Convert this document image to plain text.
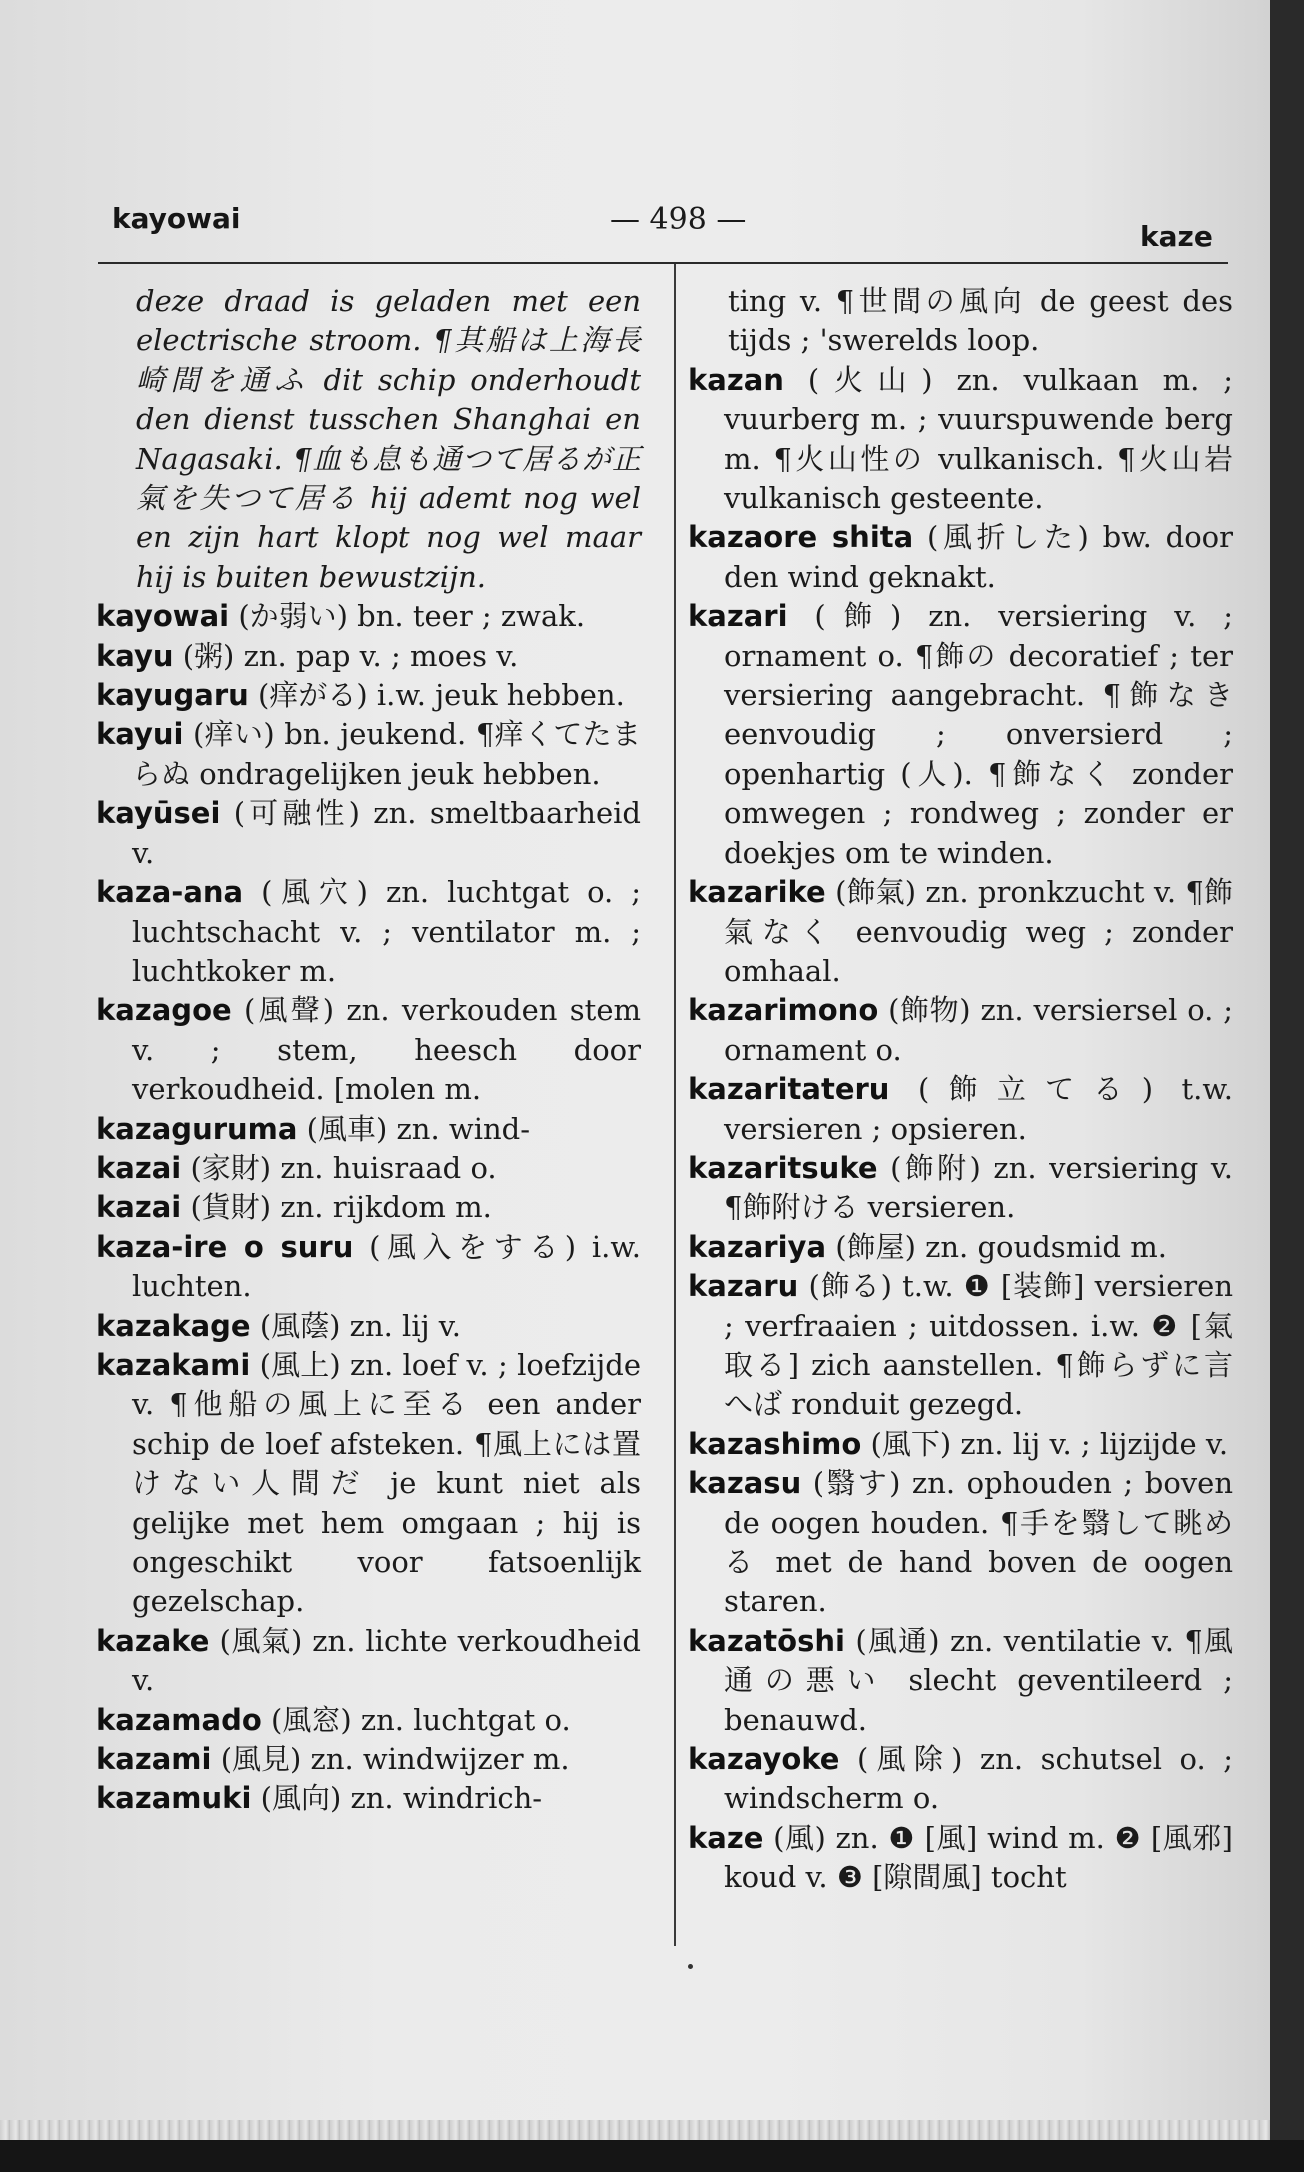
kayowai	— 498 —	kaze

deze draad is geladen met een electrische stroom. ¶其船は上海長崎間を通ふ dit schip onderhoudt den dienst tusschen Shanghai en Nagasaki. ¶血も息も通つて居るが正氣を失つて居る hij ademt nog wel en zijn hart klopt nog wel maar hij is buiten bewustzijn.

kayowai (か弱い) bn. teer ; zwak.

kayu (粥) zn. pap v. ; moes v.

kayugaru (痒がる) i.w. jeuk hebben.

kayui (痒い) bn. jeukend. ¶痒くてたまらぬ ondragelijken jeuk hebben.

kayūsei (可融性) zn. smeltbaarheid v.

kaza-ana (風穴) zn. luchtgat o. ; luchtschacht v. ; ventilator m. ; luchtkoker m.

kazagoe (風聲) zn. verkouden stem v. ; stem, heesch door verkoudheid. [molen m.

kazaguruma (風車) zn. wind-

kazai (家財) zn. huisraad o.

kazai (貨財) zn. rijkdom m.

kaza-ire o suru (風入をする) i.w. luchten.

kazakage (風蔭) zn. lij v.

kazakami (風上) zn. loef v. ; loefzijde v. ¶他船の風上に至る een ander schip de loef afsteken. ¶風上には置けない人間だ je kunt niet als gelijke met hem omgaan ; hij is ongeschikt voor fatsoenlijk gezelschap.

kazake (風氣) zn. lichte verkoudheid v.

kazamado (風窓) zn. luchtgat o.

kazami (風見) zn. windwijzer m.

kazamuki (風向) zn. windrich-

ting v. ¶世間の風向 de geest des tijds ; 'swerelds loop.

kazan (火山) zn. vulkaan m. ; vuurberg m. ; vuurspuwende berg m. ¶火山性の vulkanisch. ¶火山岩 vulkanisch gesteente.

kazaore shita (風折した) bw. door den wind geknakt.

kazari (飾) zn. versiering v. ; ornament o. ¶飾の decoratief ; ter versiering aangebracht. ¶飾なき eenvoudig ; onversierd ; openhartig (人). ¶飾なく zonder omwegen ; rondweg ; zonder er doekjes om te winden.

kazarike (飾氣) zn. pronkzucht v. ¶飾氣なく eenvoudig weg ; zonder omhaal.

kazarimono (飾物) zn. versiersel o. ; ornament o.

kazaritateru (飾立てる) t.w. versieren ; opsieren.

kazaritsuke (飾附) zn. versiering v. ¶飾附ける versieren.

kazariya (飾屋) zn. goudsmid m.

kazaru (飾る) t.w. ❶ [装飾] versieren ; verfraaien ; uitdossen. i.w. ❷ [氣取る] zich aanstellen. ¶飾らずに言へば ronduit gezegd.

kazashimo (風下) zn. lij v. ; lijzijde v.

kazasu (翳す) zn. ophouden ; boven de oogen houden. ¶手を翳して眺める met de hand boven de oogen staren.

kazatōshi (風通) zn. ventilatie v. ¶風通の悪い slecht geventileerd ; benauwd.

kazayoke (風除) zn. schutsel o. ; windscherm o.

kaze (風) zn. ❶ [風] wind m. ❷ [風邪] koud v. ❸ [隙間風] tocht
